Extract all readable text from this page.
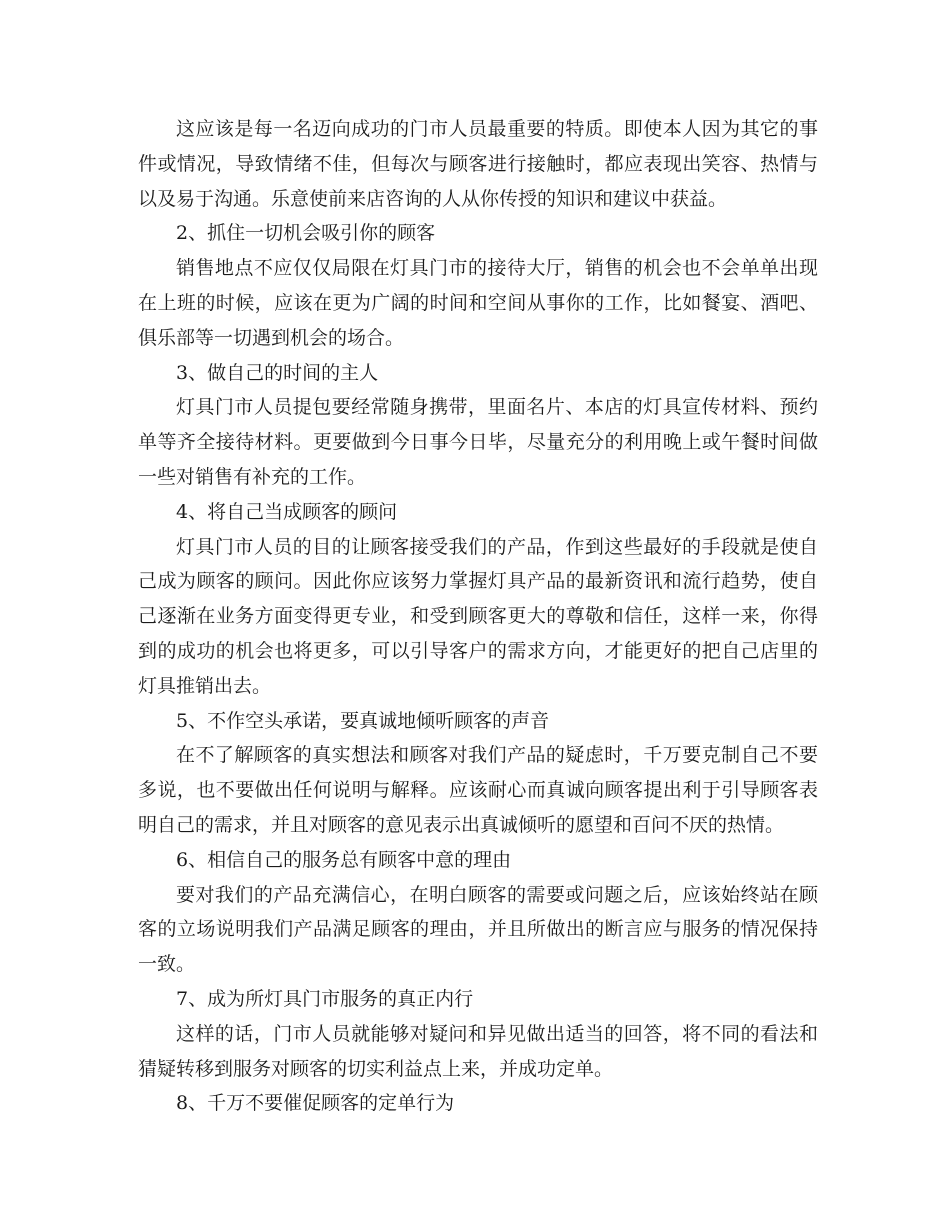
这应该是每一名迈向成功的门市人员最重要的特质。即使本人因为其它的事件或情况，导致情绪不佳，但每次与顾客进行接触时，都应表现出笑容、热情与以及易于沟通。乐意使前来店咨询的人从你传授的知识和建议中获益。

2、抓住一切机会吸引你的顾客

销售地点不应仅仅局限在灯具门市的接待大厅，销售的机会也不会单单出现在上班的时候，应该在更为广阔的时间和空间从事你的工作，比如餐宴、酒吧、俱乐部等一切遇到机会的场合。

3、做自己的时间的主人

灯具门市人员提包要经常随身携带，里面名片、本店的灯具宣传材料、预约单等齐全接待材料。更要做到今日事今日毕，尽量充分的利用晚上或午餐时间做一些对销售有补充的工作。

4、将自己当成顾客的顾问

灯具门市人员的目的让顾客接受我们的产品，作到这些最好的手段就是使自己成为顾客的顾问。因此你应该努力掌握灯具产品的最新资讯和流行趋势，使自己逐渐在业务方面变得更专业，和受到顾客更大的尊敬和信任，这样一来，你得到的成功的机会也将更多，可以引导客户的需求方向，才能更好的把自己店里的灯具推销出去。

5、不作空头承诺，要真诚地倾听顾客的声音

在不了解顾客的真实想法和顾客对我们产品的疑虑时，千万要克制自己不要多说，也不要做出任何说明与解释。应该耐心而真诚向顾客提出利于引导顾客表明自己的需求，并且对顾客的意见表示出真诚倾听的愿望和百问不厌的热情。

6、相信自己的服务总有顾客中意的理由

要对我们的产品充满信心，在明白顾客的需要或问题之后，应该始终站在顾客的立场说明我们产品满足顾客的理由，并且所做出的断言应与服务的情况保持一致。

7、成为所灯具门市服务的真正内行

这样的话，门市人员就能够对疑问和异见做出适当的回答，将不同的看法和猜疑转移到服务对顾客的切实利益点上来，并成功定单。

8、千万不要催促顾客的定单行为
